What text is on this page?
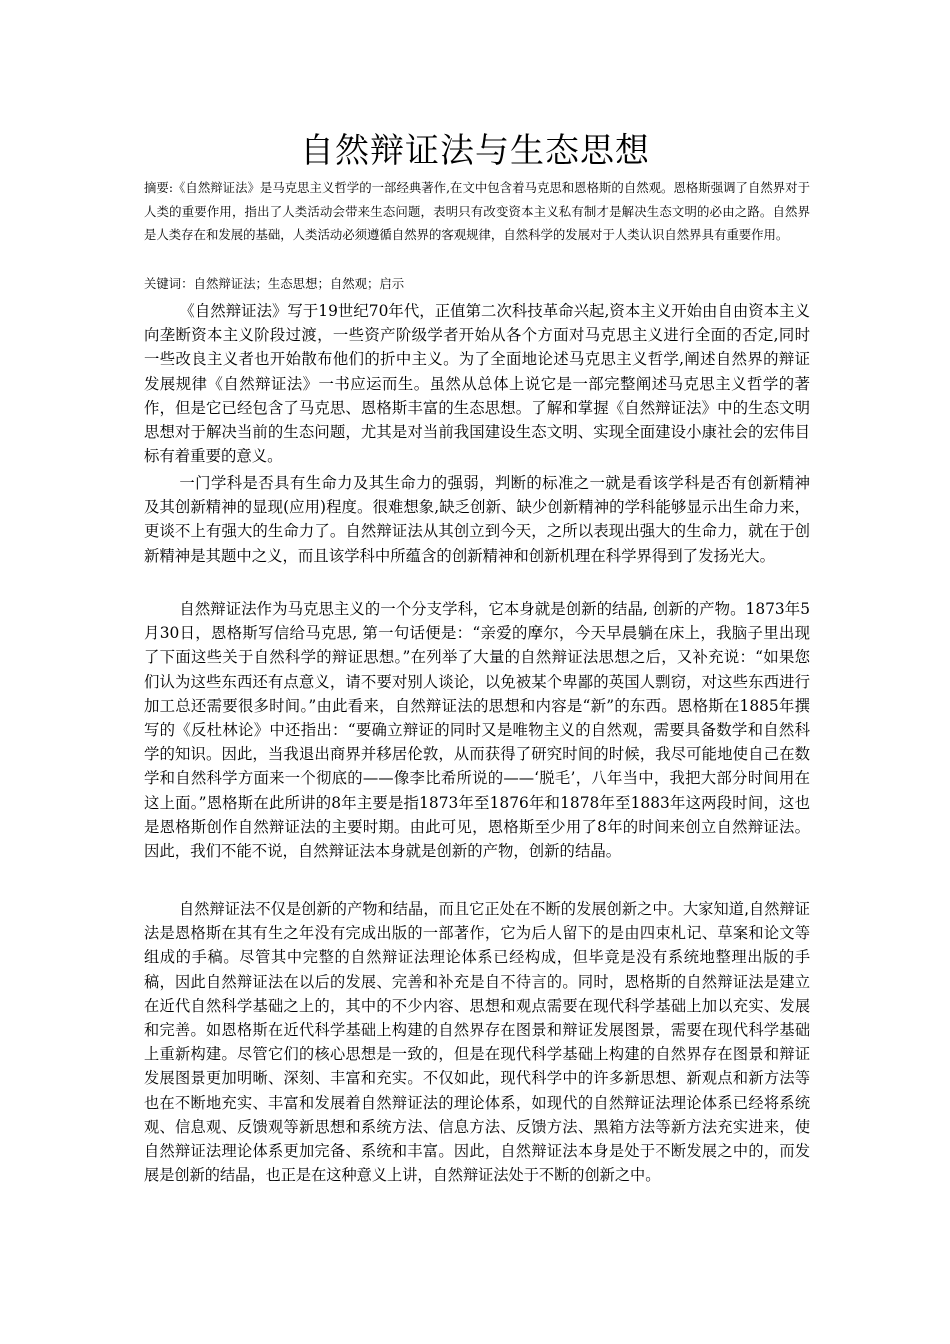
自然辩证法与生态思想

摘要:《自然辩证法》是马克思主义哲学的一部经典著作,在文中包含着马克思和恩格斯的自然观。恩格斯强调了自然界对于人类的重要作用，指出了人类活动会带来生态问题，表明只有改变资本主义私有制才是解决生态文明的必由之路。自然界是人类存在和发展的基础，人类活动必须遵循自然界的客观规律，自然科学的发展对于人类认识自然界具有重要作用。

关键词：自然辩证法；生态思想；自然观；启示

《自然辩证法》写于19世纪70年代，正值第二次科技革命兴起,资本主义开始由自由资本主义向垄断资本主义阶段过渡，一些资产阶级学者开始从各个方面对马克思主义进行全面的否定,同时一些改良主义者也开始散布他们的折中主义。为了全面地论述马克思主义哲学,阐述自然界的辩证发展规律《自然辩证法》一书应运而生。虽然从总体上说它是一部完整阐述马克思主义哲学的著作，但是它已经包含了马克思、恩格斯丰富的生态思想。了解和掌握《自然辩证法》中的生态文明思想对于解决当前的生态问题，尤其是对当前我国建设生态文明、实现全面建设小康社会的宏伟目标有着重要的意义。

一门学科是否具有生命力及其生命力的强弱，判断的标准之一就是看该学科是否有创新精神及其创新精神的显现(应用)程度。很难想象,缺乏创新、缺少创新精神的学科能够显示出生命力来，更谈不上有强大的生命力了。自然辩证法从其创立到今天，之所以表现出强大的生命力，就在于创新精神是其题中之义，而且该学科中所蕴含的创新精神和创新机理在科学界得到了发扬光大。

自然辩证法作为马克思主义的一个分支学科，它本身就是创新的结晶, 创新的产物。1873年5月30日，恩格斯写信给马克思, 第一句话便是：“亲爱的摩尔，今天早晨躺在床上，我脑子里出现了下面这些关于自然科学的辩证思想。”在列举了大量的自然辩证法思想之后，又补充说：“如果您们认为这些东西还有点意义，请不要对别人谈论，以免被某个卑鄙的英国人剽窃，对这些东西进行加工总还需要很多时间。”由此看来，自然辩证法的思想和内容是“新”的东西。恩格斯在1885年撰写的《反杜林论》中还指出：“要确立辩证的同时又是唯物主义的自然观，需要具备数学和自然科学的知识。因此，当我退出商界并移居伦敦，从而获得了研究时间的时候，我尽可能地使自己在数学和自然科学方面来一个彻底的——像李比希所说的——‘脱毛’，八年当中，我把大部分时间用在这上面。”恩格斯在此所讲的8年主要是指1873年至1876年和1878年至1883年这两段时间，这也是恩格斯创作自然辩证法的主要时期。由此可见，恩格斯至少用了8年的时间来创立自然辩证法。因此，我们不能不说，自然辩证法本身就是创新的产物，创新的结晶。

自然辩证法不仅是创新的产物和结晶，而且它正处在不断的发展创新之中。大家知道,自然辩证法是恩格斯在其有生之年没有完成出版的一部著作，它为后人留下的是由四束札记、草案和论文等组成的手稿。尽管其中完整的自然辩证法理论体系已经构成，但毕竟是没有系统地整理出版的手稿，因此自然辩证法在以后的发展、完善和补充是自不待言的。同时，恩格斯的自然辩证法是建立在近代自然科学基础之上的，其中的不少内容、思想和观点需要在现代科学基础上加以充实、发展和完善。如恩格斯在近代科学基础上构建的自然界存在图景和辩证发展图景，需要在现代科学基础上重新构建。尽管它们的核心思想是一致的，但是在现代科学基础上构建的自然界存在图景和辩证发展图景更加明晰、深刻、丰富和充实。不仅如此，现代科学中的许多新思想、新观点和新方法等也在不断地充实、丰富和发展着自然辩证法的理论体系，如现代的自然辩证法理论体系已经将系统观、信息观、反馈观等新思想和系统方法、信息方法、反馈方法、黑箱方法等新方法充实进来，使自然辩证法理论体系更加完备、系统和丰富。因此，自然辩证法本身是处于不断发展之中的，而发展是创新的结晶，也正是在这种意义上讲，自然辩证法处于不断的创新之中。
